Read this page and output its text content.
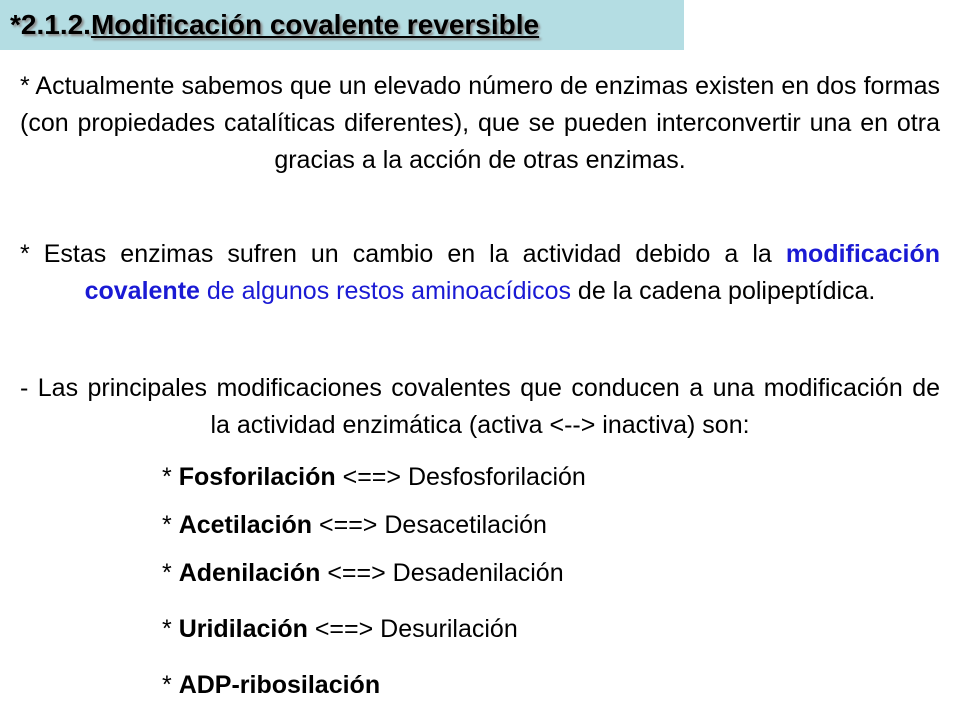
*2.1.2.Modificación covalente reversible
* Actualmente sabemos que un elevado número de enzimas existen en dos formas (con propiedades catalíticas diferentes), que se pueden interconvertir una en otra gracias a la acción de otras enzimas.
* Estas enzimas sufren un cambio en la actividad debido a la modificación covalente de algunos restos aminoacídicos de la cadena polipeptídica.
- Las principales modificaciones covalentes que conducen a una modificación de la actividad enzimática (activa <--> inactiva) son:
* Fosforilación <==> Desfosforilación
* Acetilación <==> Desacetilación
* Adenilación <==> Desadenilación
* Uridilación <==> Desurilación
* ADP-ribosilación
